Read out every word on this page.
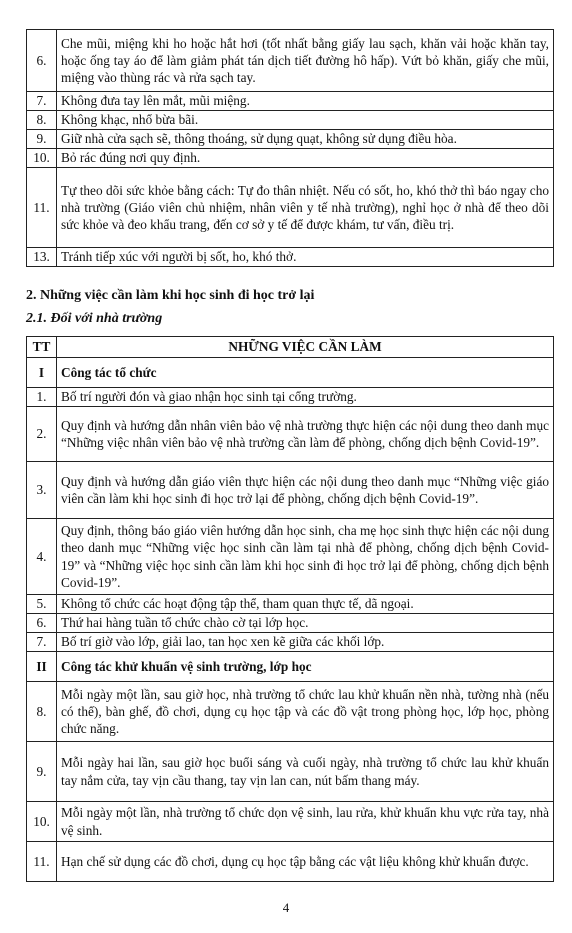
6.	Che mũi, miệng khi ho hoặc hắt hơi (tốt nhất bằng giấy lau sạch, khăn vải hoặc khăn tay, hoặc ống tay áo để làm giảm phát tán dịch tiết đường hô hấp). Vứt bỏ khăn, giấy che mũi, miệng vào thùng rác và rửa sạch tay.
7.	Không đưa tay lên mắt, mũi miệng.
8.	Không khạc, nhổ bừa bãi.
9.	Giữ nhà cửa sạch sẽ, thông thoáng, sử dụng quạt, không sử dụng điều hòa.
10.	Bỏ rác đúng nơi quy định.
11.	Tự theo dõi sức khỏe bằng cách: Tự đo thân nhiệt. Nếu có sốt, ho, khó thở thì báo ngay cho nhà trường (Giáo viên chủ nhiệm, nhân viên y tế nhà trường), nghỉ học ở nhà để theo dõi sức khỏe và đeo khẩu trang, đến cơ sở y tế để được khám, tư vấn, điều trị.
13.	Tránh tiếp xúc với người bị sốt, ho, khó thở.
2. Những việc cần làm khi học sinh đi học trở lại
2.1. Đối với nhà trường
TT	NHỮNG VIỆC CẦN LÀM
I	Công tác tổ chức
1.	Bố trí người đón và giao nhận học sinh tại cổng trường.
2.	Quy định và hướng dẫn nhân viên bảo vệ nhà trường thực hiện các nội dung theo danh mục “Những việc nhân viên bảo vệ nhà trường cần làm để phòng, chống dịch bệnh Covid-19”.
3.	Quy định và hướng dẫn giáo viên thực hiện các nội dung theo danh mục “Những việc giáo viên cần làm khi học sinh đi học trở lại để phòng, chống dịch bệnh Covid-19”.
4.	Quy định, thông báo giáo viên hướng dẫn học sinh, cha mẹ học sinh thực hiện các nội dung theo danh mục “Những việc học sinh cần làm tại nhà để phòng, chống dịch bệnh Covid-19” và “Những việc học sinh cần làm khi học sinh đi học trở lại để phòng, chống dịch bệnh Covid-19”.
5.	Không tổ chức các hoạt động tập thể, tham quan thực tế, dã ngoại.
6.	Thứ hai hàng tuần tổ chức chào cờ tại lớp học.
7.	Bố trí giờ vào lớp, giải lao, tan học xen kẽ giữa các khối lớp.
II	Công tác khử khuẩn vệ sinh trường, lớp học
8.	Mỗi ngày một lần, sau giờ học, nhà trường tổ chức lau khử khuẩn nền nhà, tường nhà (nếu có thể), bàn ghế, đồ chơi, dụng cụ học tập và các đồ vật trong phòng học, lớp học, phòng chức năng.
9.	Mỗi ngày hai lần, sau giờ học buổi sáng và cuối ngày, nhà trường tổ chức lau khử khuẩn tay nắm cửa, tay vịn cầu thang, tay vịn lan can, nút bấm thang máy.
10.	Mỗi ngày một lần, nhà trường tổ chức dọn vệ sinh, lau rửa, khử khuẩn khu vực rửa tay, nhà vệ sinh.
11.	Hạn chế sử dụng các đồ chơi, dụng cụ học tập bằng các vật liệu không khử khuẩn được.
4
